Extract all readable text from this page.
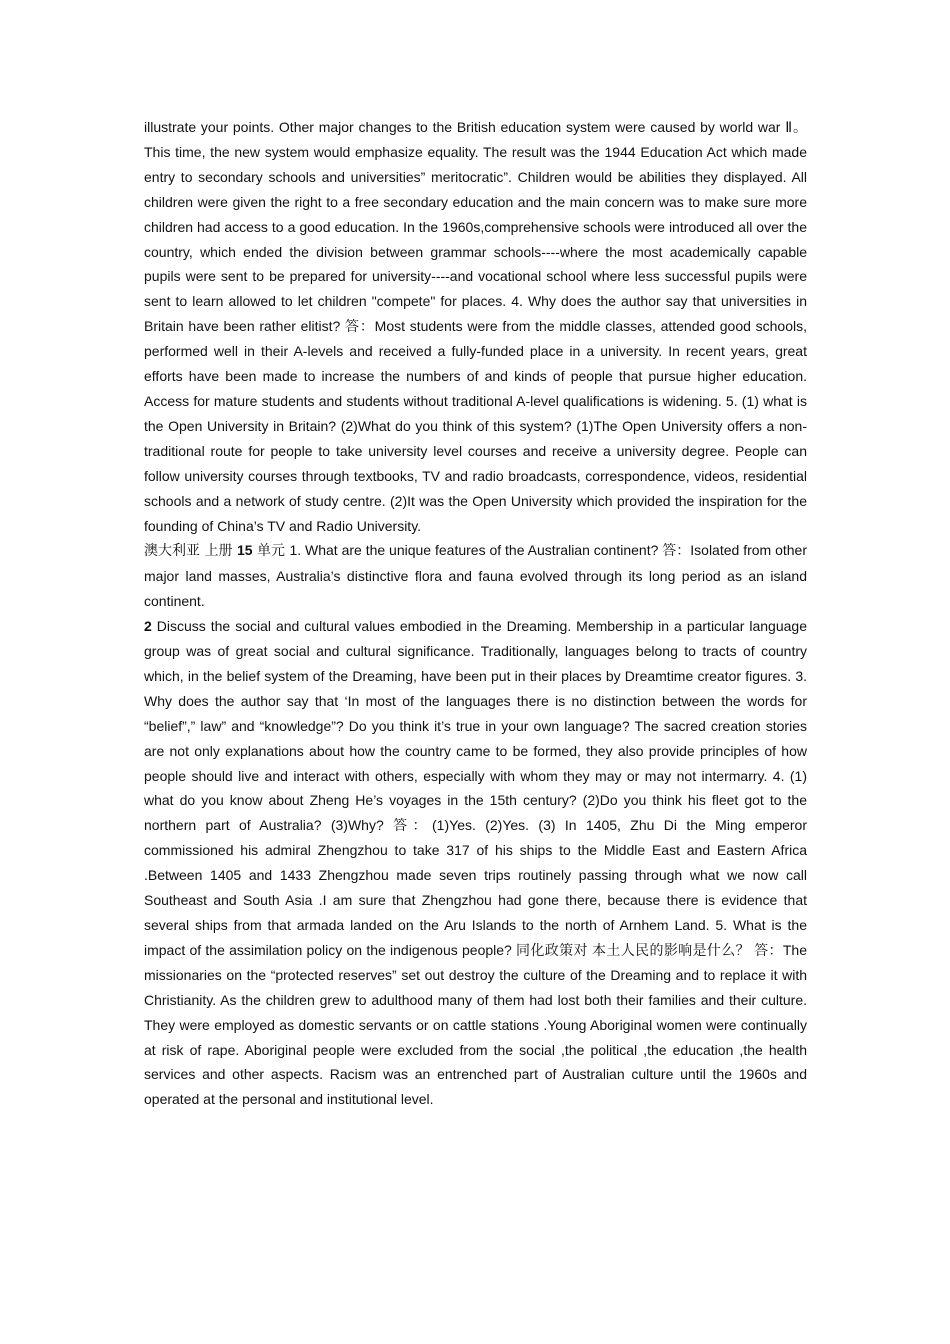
illustrate your points. Other major changes to the British education system were caused by world war Ⅱ。 This time, the new system would emphasize equality. The result was the 1944 Education Act which made entry to secondary schools and universities” meritocratic”. Children would be abilities they displayed. All children were given the right to a free secondary education and the main concern was to make sure more children had access to a good education. In the 1960s,comprehensive schools were introduced all over the country, which ended the division between grammar schools----where the most academically capable pupils were sent to be prepared for university----and vocational school where less successful pupils were sent to learn allowed to let children "compete" for places. 4. Why does the author say that universities in Britain have been rather elitist? 答：Most students were from the middle classes, attended good schools, performed well in their A-levels and received a fully-funded place in a university. In recent years, great efforts have been made to increase the numbers of and kinds of people that pursue higher education. Access for mature students and students without traditional A-level qualifications is widening. 5. (1) what is the Open University in Britain? (2)What do you think of this system? (1)The Open University offers a non-traditional route for people to take university level courses and receive a university degree. People can follow university courses through textbooks, TV and radio broadcasts, correspondence, videos, residential schools and a network of study centre. (2)It was the Open University which provided the inspiration for the founding of China’s TV and Radio University.

澳大利亚 上册 15 单元 1. What are the unique features of the Australian continent? 答：Isolated from other major land masses, Australia’s distinctive flora and fauna evolved through its long period as an island continent.

2 Discuss the social and cultural values embodied in the Dreaming. Membership in a particular language group was of great social and cultural significance. Traditionally, languages belong to tracts of country which, in the belief system of the Dreaming, have been put in their places by Dreamtime creator figures. 3. Why does the author say that ‘In most of the languages there is no distinction between the words for “belief”,” law” and “knowledge”? Do you think it’s true in your own language? The sacred creation stories are not only explanations about how the country came to be formed, they also provide principles of how people should live and interact with others, especially with whom they may or may not intermarry. 4. (1) what do you know about Zheng He’s voyages in the 15th century? (2)Do you think his fleet got to the northern part of Australia? (3)Why? 答：(1)Yes. (2)Yes. (3) In 1405, Zhu Di the Ming emperor commissioned his admiral Zhengzhou to take 317 of his ships to the Middle East and Eastern Africa .Between 1405 and 1433 Zhengzhou made seven trips routinely passing through what we now call Southeast and South Asia .I am sure that Zhengzhou had gone there, because there is evidence that several ships from that armada landed on the Aru Islands to the north of Arnhem Land. 5. What is the impact of the assimilation policy on the indigenous people? 同化政策对 本土人民的影响是什么？ 答：The missionaries on the “protected reserves” set out destroy the culture of the Dreaming and to replace it with Christianity. As the children grew to adulthood many of them had lost both their families and their culture. They were employed as domestic servants or on cattle stations .Young Aboriginal women were continually at risk of rape. Aboriginal people were excluded from the social ,the political ,the education ,the health services and other aspects. Racism was an entrenched part of Australian culture until the 1960s and operated at the personal and institutional level.
